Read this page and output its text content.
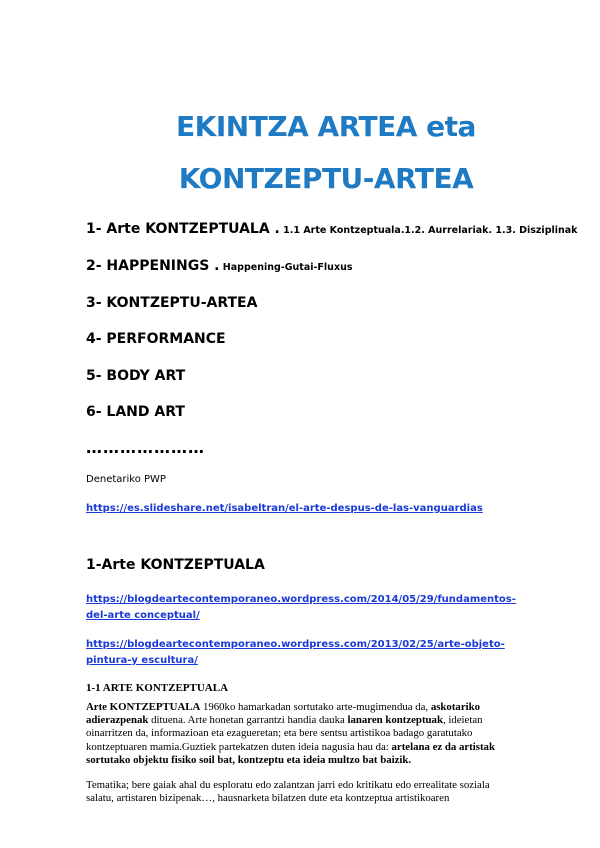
EKINTZA ARTEA eta
KONTZEPTU-ARTEA
1- Arte KONTZEPTUALA . 1.1 Arte Kontzeptuala.1.2. Aurrelariak. 1.3. Disziplinak
2- HAPPENINGS . Happening-Gutai-Fluxus
3- KONTZEPTU-ARTEA
4- PERFORMANCE
5- BODY ART
6- LAND ART
…………………
Denetariko PWP
https://es.slideshare.net/isabeltran/el-arte-despus-de-las-vanguardias
1-Arte KONTZEPTUALA
https://blogdeartecontemporaneo.wordpress.com/2014/05/29/fundamentos-del-arte conceptual/
https://blogdeartecontemporaneo.wordpress.com/2013/02/25/arte-objeto-pintura-y escultura/
1-1 ARTE KONTZEPTUALA
Arte KONTZEPTUALA 1960ko hamarkadan sortutako arte-mugimendua da, askotariko adierazpenak dituena. Arte honetan garrantzi handia dauka lanaren kontzeptuak, ideietan oinarritzen da, informazioan eta ezagueretan; eta bere sentsu artistikoa badago garatutako kontzeptuaren mamia.Guztiek partekatzen duten ideia nagusia hau da: artelana ez da artistak sortutako objektu fisiko soil bat, kontzeptu eta ideia multzo bat baizik.
Tematika; bere gaiak ahal du esploratu edo zalantzan jarri edo kritikatu edo errealitate soziala salatu, artistaren bizipenak…, hausnarketa bilatzen dute eta kontzeptua artistikoaren
